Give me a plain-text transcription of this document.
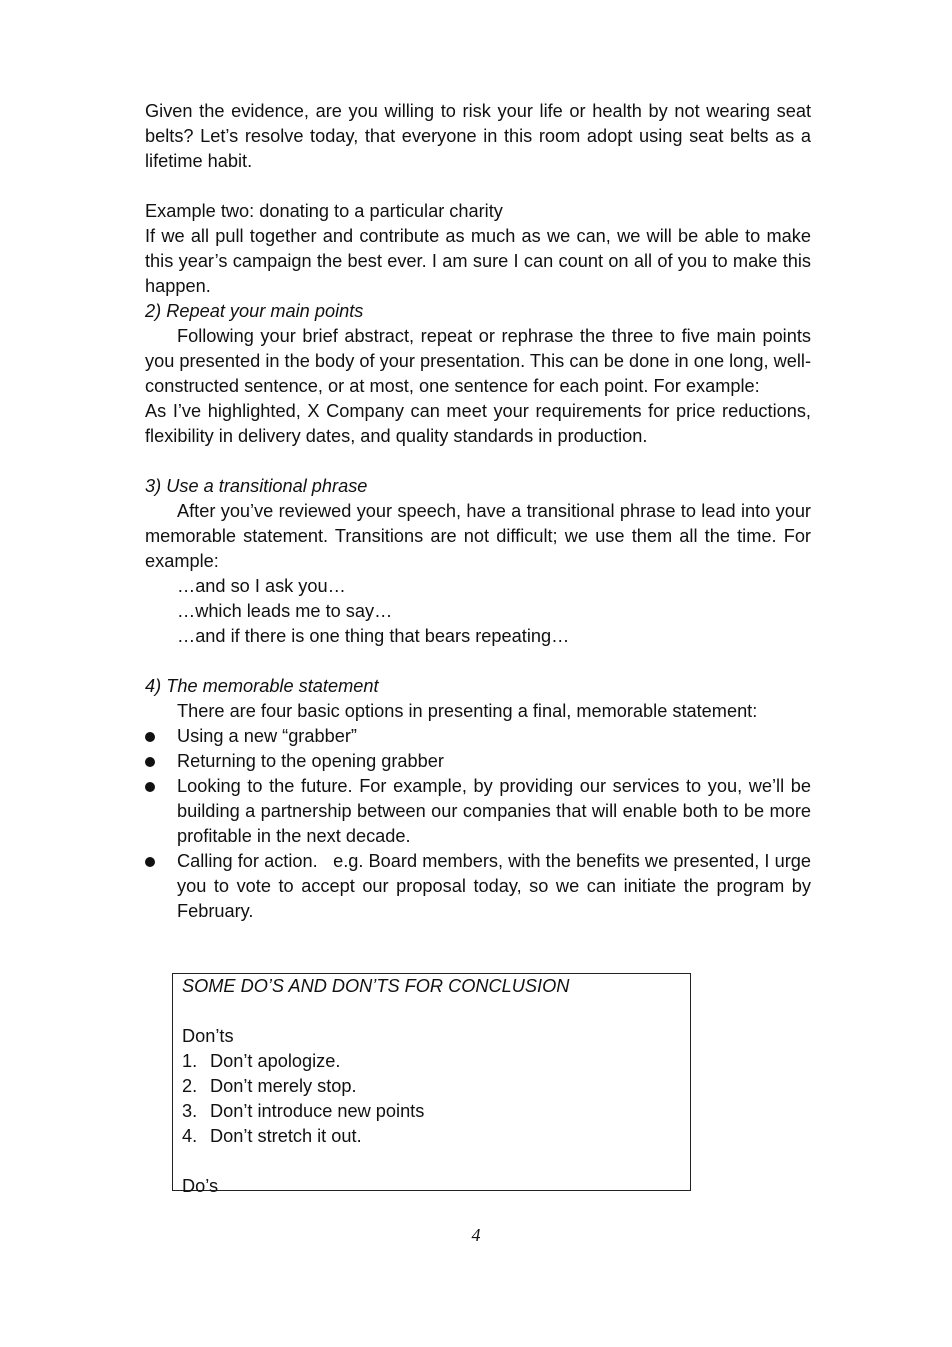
Given the evidence, are you willing to risk your life or health by not wearing seat belts? Let’s resolve today, that everyone in this room adopt using seat belts as a lifetime habit.

Example two: donating to a particular charity

If we all pull together and contribute as much as we can, we will be able to make this year’s campaign the best ever. I am sure I can count on all of you to make this happen.

2) Repeat your main points

Following your brief abstract, repeat or rephrase the three to five main points you presented in the body of your presentation. This can be done in one long, well-constructed sentence, or at most, one sentence for each point. For example:

As I’ve highlighted, X Company can meet your requirements for price reductions, flexibility in delivery dates, and quality standards in production.

3) Use a transitional phrase

After you’ve reviewed your speech, have a transitional phrase to lead into your memorable statement. Transitions are not difficult; we use them all the time. For example:

…and so I ask you…

…which leads me to say…

…and if there is one thing that bears repeating…

4) The memorable statement

There are four basic options in presenting a final, memorable statement:

Using a new “grabber”
Returning to the opening grabber
Looking to the future. For example, by providing our services to you, we’ll be building a partnership between our companies that will enable both to be more profitable in the next decade.
Calling for action.   e.g. Board members, with the benefits we presented, I urge you to vote to accept our proposal today, so we can initiate the program by February.

SOME DO’S AND DON’TS FOR CONCLUSION

Don’ts

1. Don’t apologize.
2. Don’t merely stop.
3. Don’t introduce new points
4. Don’t stretch it out.

Do’s

4
